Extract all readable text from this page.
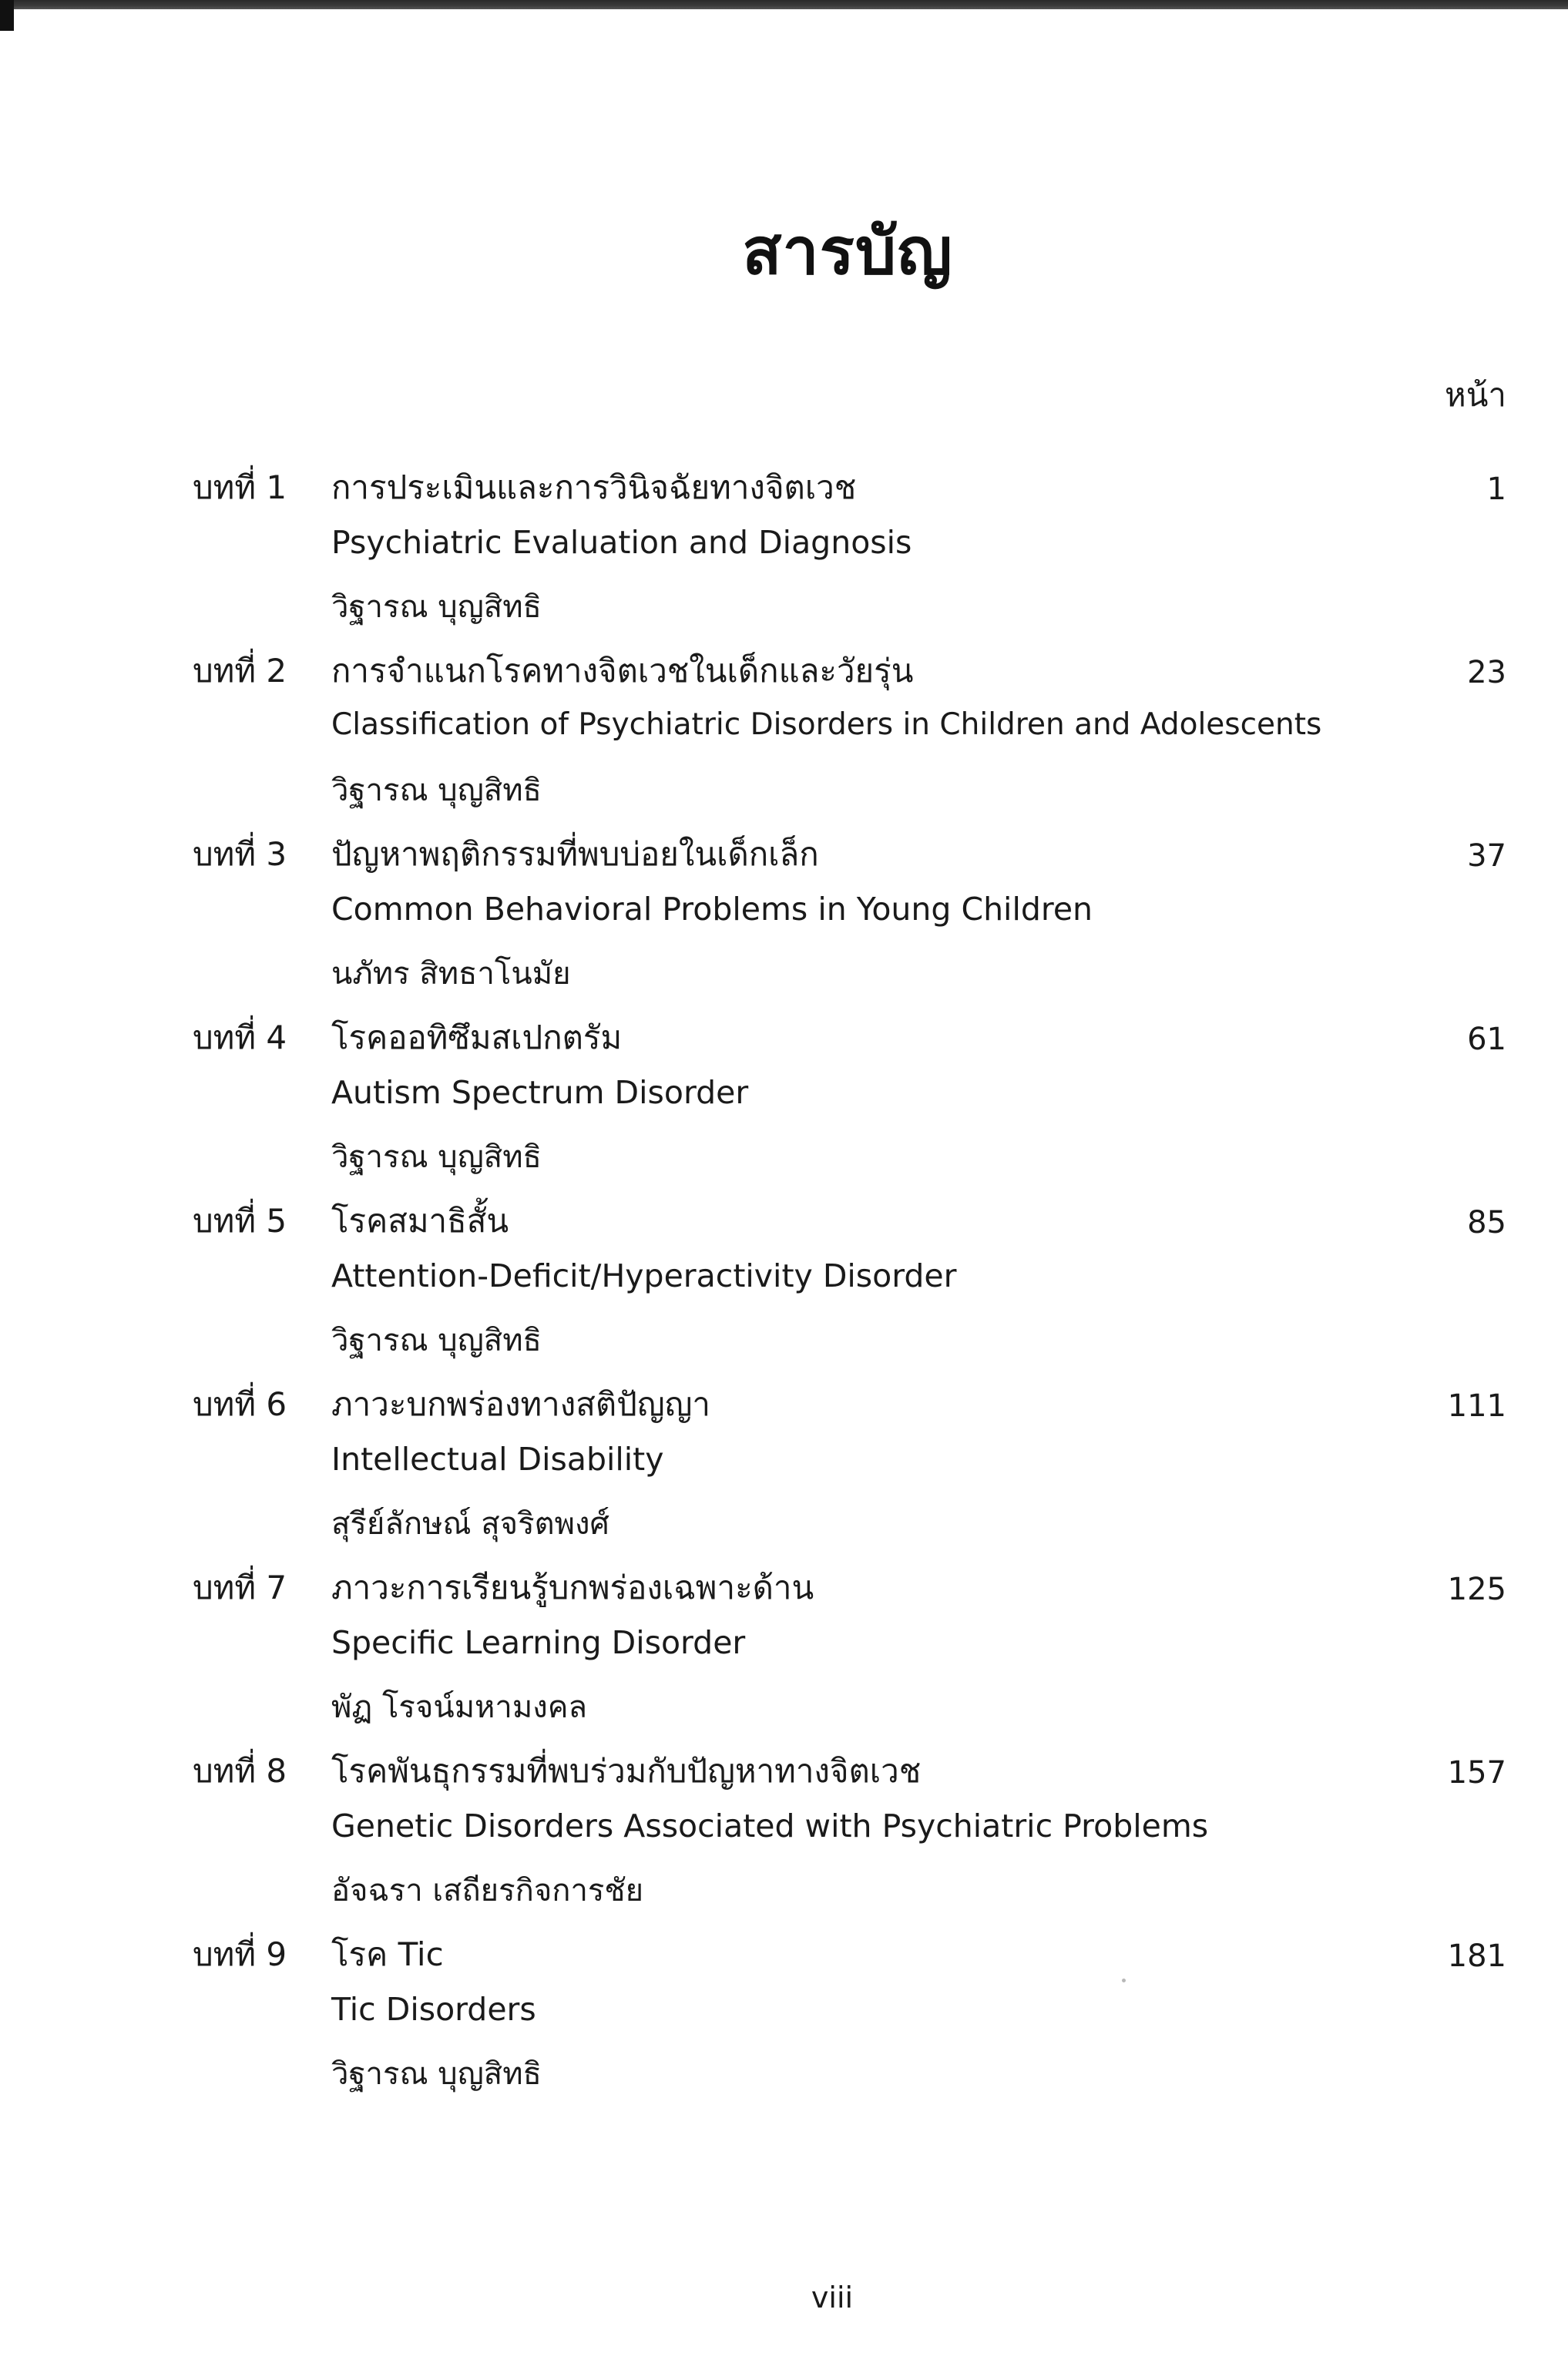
สารบัญ
หน้า
บทที่ 1 การประเมินและการวินิจฉัยทางจิตเวช
Psychiatric Evaluation and Diagnosis
วิฐารณ บุญสิทธิ
1
บทที่ 2 การจำแนกโรคทางจิตเวชในเด็กและวัยรุ่น
Classification of Psychiatric Disorders in Children and Adolescents
วิฐารณ บุญสิทธิ
23
บทที่ 3 ปัญหาพฤติกรรมที่พบบ่อยในเด็กเล็ก
Common Behavioral Problems in Young Children
นภัทร สิทธาโนมัย
37
บทที่ 4 โรคออทิซึมสเปกตรัม
Autism Spectrum Disorder
วิฐารณ บุญสิทธิ
61
บทที่ 5 โรคสมาธิสั้น
Attention-Deficit/Hyperactivity Disorder
วิฐารณ บุญสิทธิ
85
บทที่ 6 ภาวะบกพร่องทางสติปัญญา
Intellectual Disability
สุรีย์ลักษณ์ สุจริตพงศ์
111
บทที่ 7 ภาวะการเรียนรู้บกพร่องเฉพาะด้าน
Specific Learning Disorder
พัฏ โรจน์มหามงคล
125
บทที่ 8 โรคพันธุกรรมที่พบร่วมกับปัญหาทางจิตเวช
Genetic Disorders Associated with Psychiatric Problems
อัจฉรา เสถียรกิจการชัย
157
บทที่ 9 โรค Tic
Tic Disorders
วิฐารณ บุญสิทธิ
181
viii
